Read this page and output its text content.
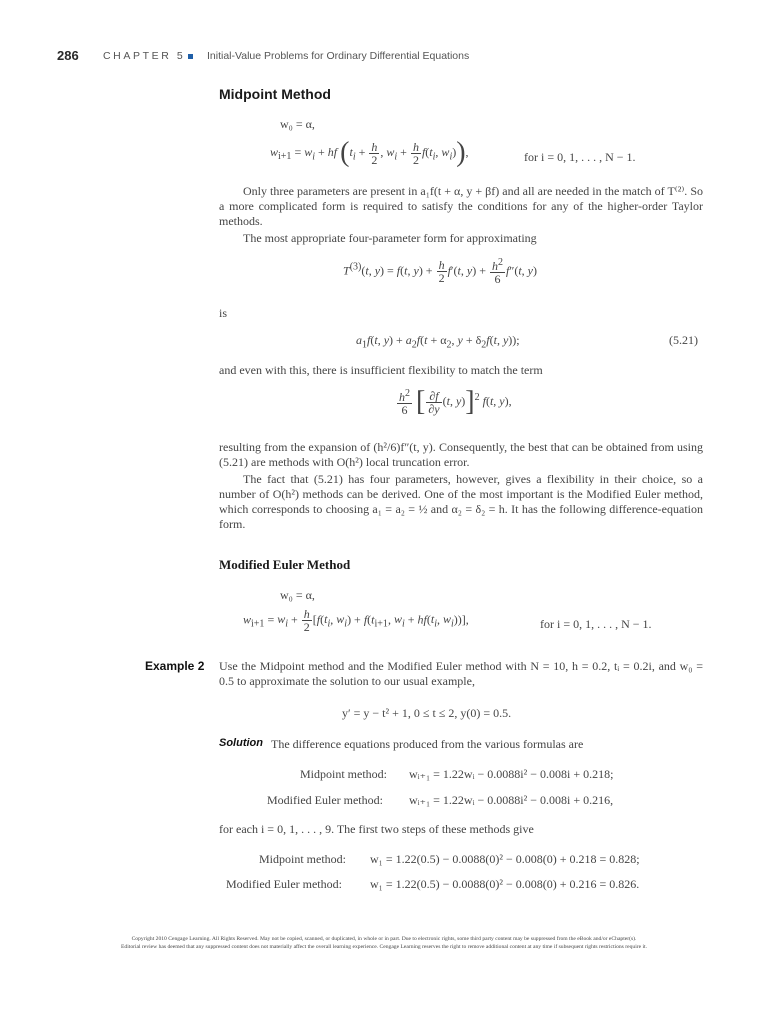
286 CHAPTER 5 Initial-Value Problems for Ordinary Differential Equations
Midpoint Method
w₀ = α,
$w_{i+1} = w_i$ + hf ($t_i + \frac{h}{2}$ , $w_i + \frac{h}{2} f(t_i$, $w_i$)),	for i = 0, 1, . . . , N − 1.
Only three parameters are present in a₁f(t + α, y + βf) and all are needed in the match of T⁽²⁾. So a more complicated form is required to satisfy the conditions for any of the higher-order Taylor methods.
The most appropriate four-parameter form for approximating
$T^{(3)}(t$, y) = f(t, $y) + \frac{h}{2} f'(t$, $y) + \frac{h^2}{6} f''(t$, y)
is
$a_1f(t$, $y) + a_2f(t + \alpha_2$, $y + \delta_2f(t$, y));	(5.21)
and even with this, there is insufficient flexibility to match the term
$\frac{h^2}{6}$ [ $\frac{\partial f}{\partial y} (t$, y)]$^2$ f(t, y),
resulting from the expansion of (h²/6)f″(t, y). Consequently, the best that can be obtained from using (5.21) are methods with O(h²) local truncation error.
The fact that (5.21) has four parameters, however, gives a flexibility in their choice, so a number of O(h²) methods can be derived. One of the most important is the Modified Euler method, which corresponds to choosing a₁ = a₂ = ½ and α₂ = δ₂ = h. It has the following difference-equation form.
Modified Euler Method
w₀ = α,
$w_{i+1} = w_i + \frac{h}{2} [f(t_i$, $w_i) + f(t_{i+1}$, $w_i + hf(t_i$, $w_i$))],	for i = 0, 1, . . . , N − 1.
Example 2 Use the Midpoint method and the Modified Euler method with N = 10, h = 0.2, tᵢ = 0.2i, and w₀ = 0.5 to approximate the solution to our usual example,
y′ = y − t² + 1, 0 ≤ t ≤ 2, y(0) = 0.5.
Solution The difference equations produced from the various formulas are
Midpoint method: wᵢ₊₁ = 1.22wᵢ − 0.0088i² − 0.008i + 0.218;
Modified Euler method: wᵢ₊₁ = 1.22wᵢ − 0.0088i² − 0.008i + 0.216,
for each i = 0, 1, . . . , 9. The first two steps of these methods give
Midpoint method: w₁ = 1.22(0.5) − 0.0088(0)² − 0.008(0) + 0.218 = 0.828;
Modified Euler method: w₁ = 1.22(0.5) − 0.0088(0)² − 0.008(0) + 0.216 = 0.826.
Copyright 2010 Cengage Learning. All Rights Reserved. May not be copied, scanned, or duplicated, in whole or in part. Due to electronic rights, some third party content may be suppressed from the eBook and/or eChapter(s).
Editorial review has deemed that any suppressed content does not materially affect the overall learning experience. Cengage Learning reserves the right to remove additional content at any time if subsequent rights restrictions require it.
